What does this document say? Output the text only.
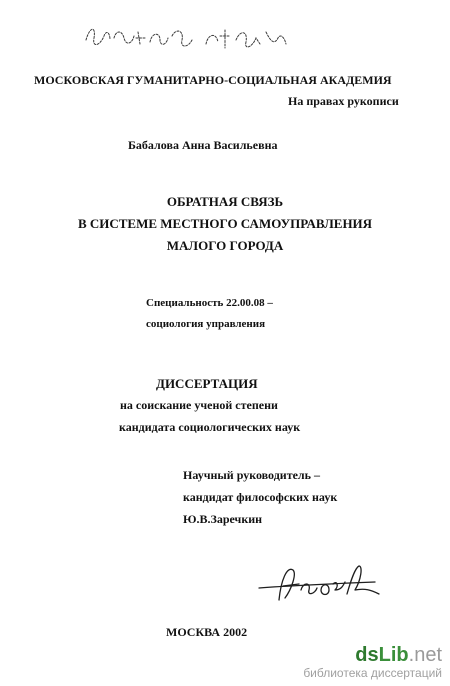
МОСКОВСКАЯ ГУМАНИТАРНО-СОЦИАЛЬНАЯ АКАДЕМИЯ
На правах рукописи
Бабалова Анна Васильевна
ОБРАТНАЯ СВЯЗЬ
В СИСТЕМЕ МЕСТНОГО САМОУПРАВЛЕНИЯ
МАЛОГО ГОРОДА
Специальность 22.00.08 –
социология управления
ДИССЕРТАЦИЯ
на соискание ученой степени
кандидата социологических наук
Научный руководитель –
кандидат философских наук
Ю.В.Заречкин
МОСКВА 2002
dsLib.net
библиотека диссертаций
